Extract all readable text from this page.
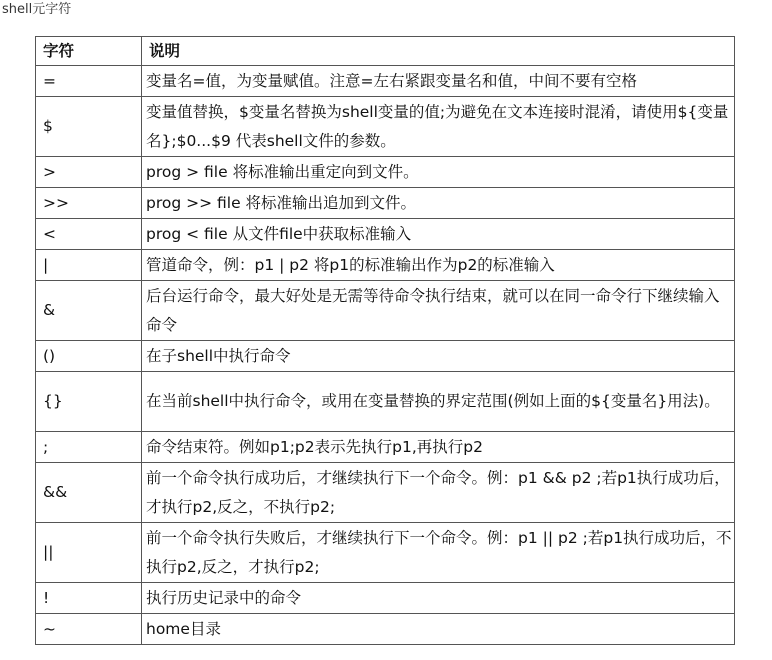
shell元字符
字符	说明
=	变量名=值，为变量赋值。注意=左右紧跟变量名和值，中间不要有空格
$	变量值替换，$变量名替换为shell变量的值;为避免在文本连接时混淆，请使用${变量名};$0...$9 代表shell文件的参数。
>	prog > file 将标准输出重定向到文件。
>>	prog >> file 将标准输出追加到文件。
<	prog < file 从文件file中获取标准输入
|	管道命令，例：p1 | p2 将p1的标准输出作为p2的标准输入
&	后台运行命令，最大好处是无需等待命令执行结束，就可以在同一命令行下继续输入命令
()	在子shell中执行命令
{}	在当前shell中执行命令，或用在变量替换的界定范围(例如上面的${变量名}用法)。
;	命令结束符。例如p1;p2表示先执行p1,再执行p2
&&	前一个命令执行成功后，才继续执行下一个命令。例：p1 && p2 ;若p1执行成功后，才执行p2,反之，不执行p2;
||	前一个命令执行失败后，才继续执行下一个命令。例：p1 || p2 ;若p1执行成功后，不执行p2,反之，才执行p2;
!	执行历史记录中的命令
~	home目录
